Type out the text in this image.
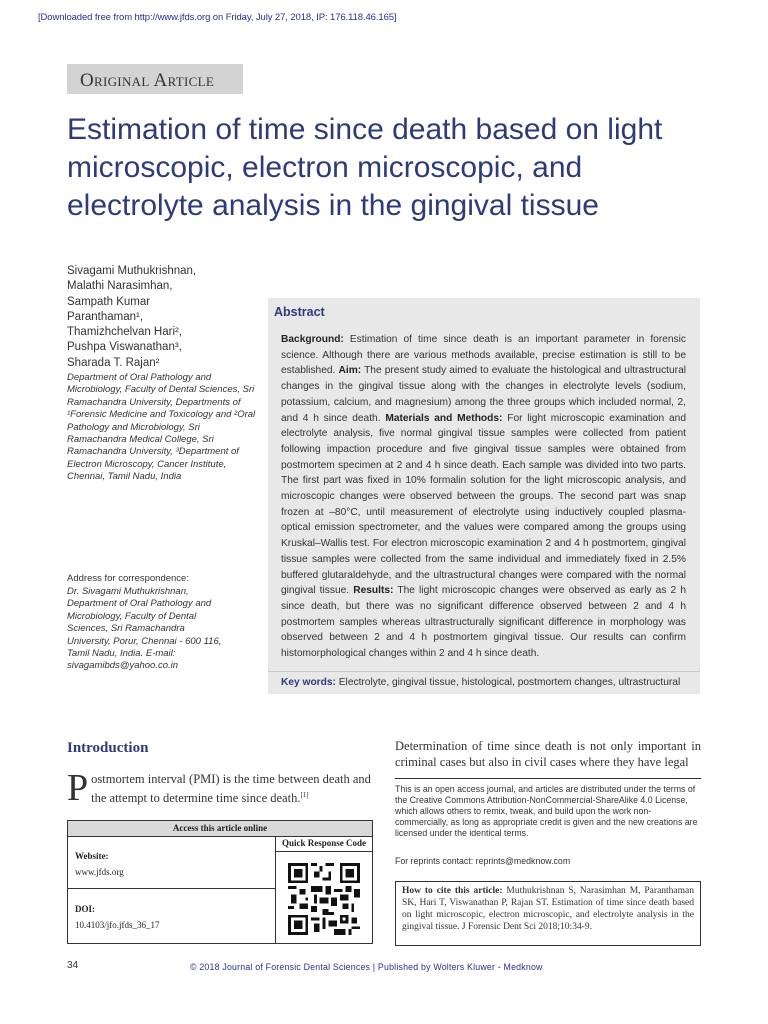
[Downloaded free from http://www.jfds.org on Friday, July 27, 2018, IP: 176.118.46.165]
Original Article
Estimation of time since death based on light microscopic, electron microscopic, and electrolyte analysis in the gingival tissue
Sivagami Muthukrishnan,
Malathi Narasimhan,
Sampath Kumar
Paranthaman¹,
Thamizhchelvan Hari²,
Pushpa Viswanathan³,
Sharada T. Rajan²
Department of Oral Pathology and Microbiology, Faculty of Dental Sciences, Sri Ramachandra University, Departments of ¹Forensic Medicine and Toxicology and ²Oral Pathology and Microbiology, Sri Ramachandra Medical College, Sri Ramachandra University, ³Department of Electron Microscopy, Cancer Institute, Chennai, Tamil Nadu, India
Address for correspondence:
Dr. Sivagami Muthukrishnan, Department of Oral Pathology and Microbiology, Faculty of Dental Sciences, Sri Ramachandra University, Porur, Chennai - 600 116, Tamil Nadu, India. E-mail: sivagamibds@yahoo.co.in
Abstract
Background: Estimation of time since death is an important parameter in forensic science. Although there are various methods available, precise estimation is still to be established. Aim: The present study aimed to evaluate the histological and ultrastructural changes in the gingival tissue along with the changes in electrolyte levels (sodium, potassium, calcium, and magnesium) among the three groups which included normal, 2, and 4 h since death. Materials and Methods: For light microscopic examination and electrolyte analysis, five normal gingival tissue samples were collected from patient following impaction procedure and five gingival tissue samples were obtained from postmortem specimen at 2 and 4 h since death. Each sample was divided into two parts. The first part was fixed in 10% formalin solution for the light microscopic analysis, and microscopic changes were observed between the groups. The second part was snap frozen at –80°C, until measurement of electrolyte using inductively coupled plasma-optical emission spectrometer, and the values were compared among the groups using Kruskal–Wallis test. For electron microscopic examination 2 and 4 h postmortem, gingival tissue samples were collected from the same individual and immediately fixed in 2.5% buffered glutaraldehyde, and the ultrastructural changes were compared with the normal gingival tissue. Results: The light microscopic changes were observed as early as 2 h since death, but there was no significant difference observed between 2 and 4 h postmortem samples whereas ultrastructurally significant difference in morphology was observed between 2 and 4 h postmortem gingival tissue. Our results can confirm histomorphological changes within 2 and 4 h since death.
Key words: Electrolyte, gingival tissue, histological, postmortem changes, ultrastructural
Introduction
P ostmortem interval (PMI) is the time between death and the attempt to determine time since death.[1]
Access this article online
Quick Response Code
Website:
www.jfds.org
DOI:
10.4103/jfo.jfds_36_17
Determination of time since death is not only important in criminal cases but also in civil cases where they have legal
This is an open access journal, and articles are distributed under the terms of the Creative Commons Attribution-NonCommercial-ShareAlike 4.0 License, which allows others to remix, tweak, and build upon the work non-commercially, as long as appropriate credit is given and the new creations are licensed under the identical terms.
For reprints contact: reprints@medknow.com
How to cite this article: Muthukrishnan S, Narasimhan M, Paranthaman SK, Hari T, Viswanathan P, Rajan ST. Estimation of time since death based on light microscopic, electron microscopic, and electrolyte analysis in the gingival tissue. J Forensic Dent Sci 2018;10:34-9.
34	© 2018 Journal of Forensic Dental Sciences | Published by Wolters Kluwer - Medknow
